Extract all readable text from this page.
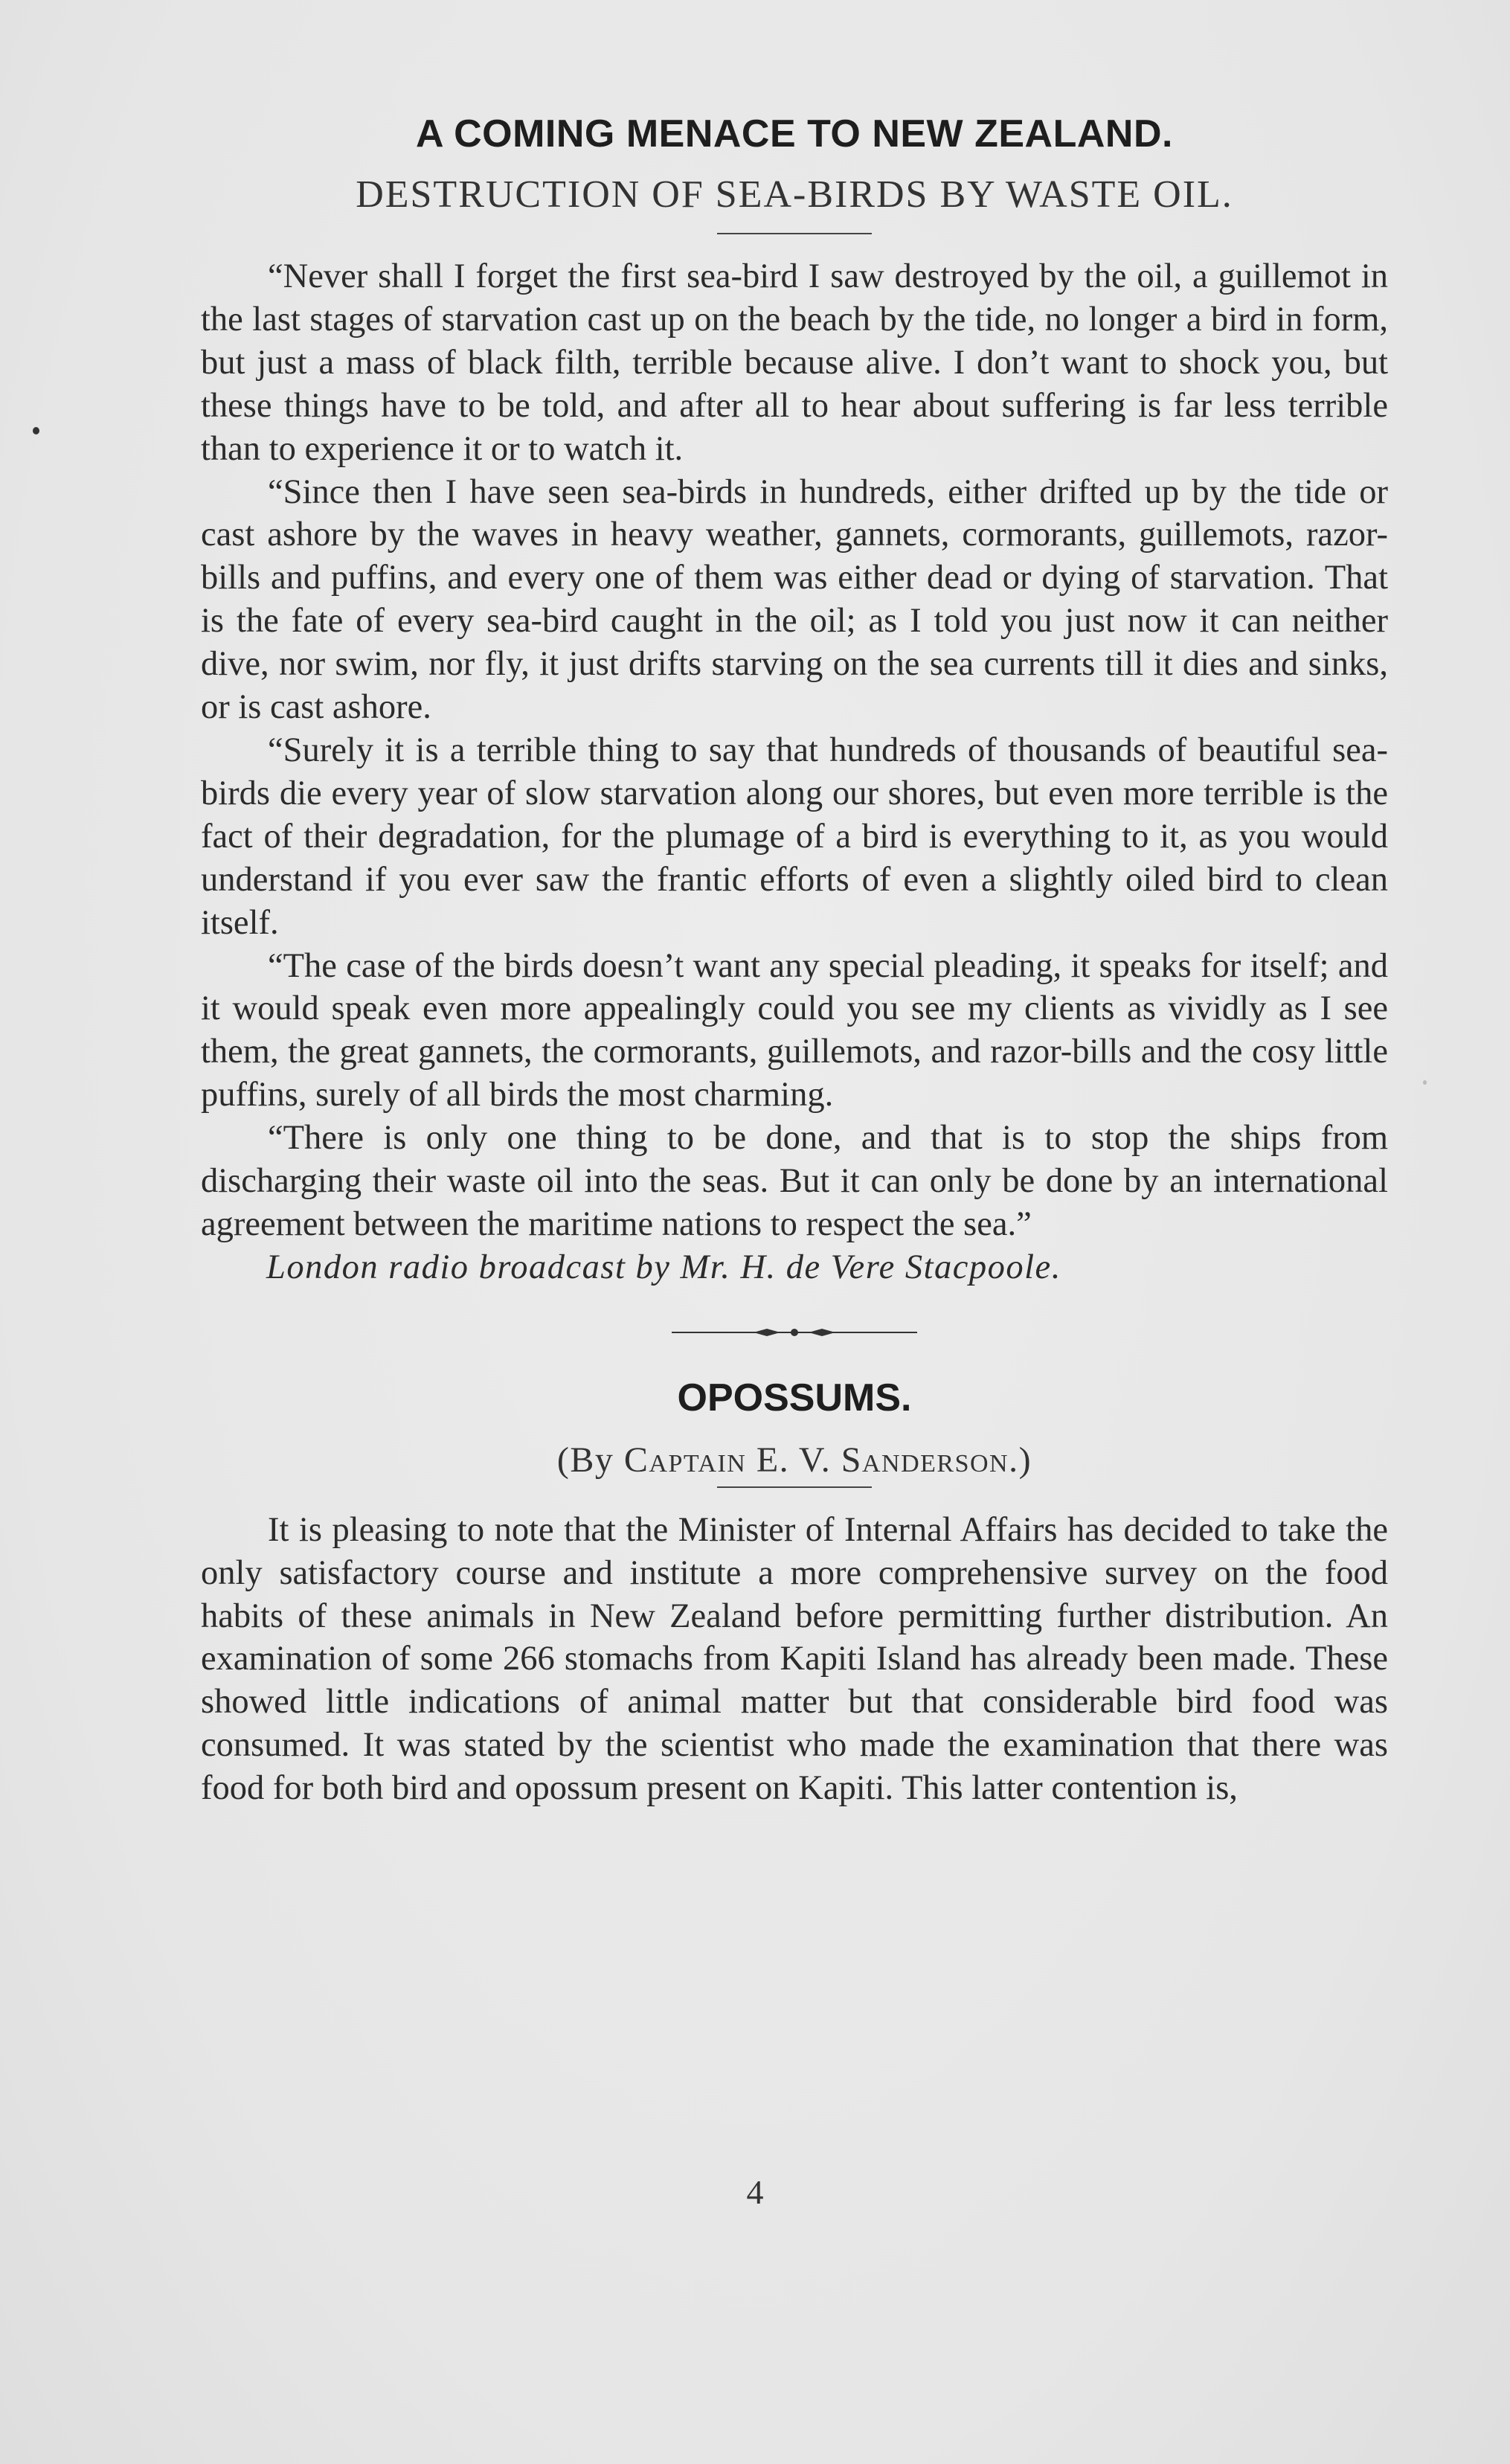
A COMING MENACE TO NEW ZEALAND.
DESTRUCTION OF SEA-BIRDS BY WASTE OIL.

“Never shall I forget the first sea-bird I saw destroyed by the oil, a guillemot in the last stages of starvation cast up on the beach by the tide, no longer a bird in form, but just a mass of black filth, terrible because alive. I don’t want to shock you, but these things have to be told, and after all to hear about suffering is far less terrible than to experience it or to watch it.

“Since then I have seen sea-birds in hundreds, either drifted up by the tide or cast ashore by the waves in heavy weather, gannets, cormorants, guillemots, razor-bills and puffins, and every one of them was either dead or dying of starvation. That is the fate of every sea-bird caught in the oil; as I told you just now it can neither dive, nor swim, nor fly, it just drifts starving on the sea currents till it dies and sinks, or is cast ashore.

“Surely it is a terrible thing to say that hundreds of thousands of beautiful sea-birds die every year of slow starvation along our shores, but even more terrible is the fact of their degradation, for the plumage of a bird is everything to it, as you would understand if you ever saw the frantic efforts of even a slightly oiled bird to clean itself.

“The case of the birds doesn’t want any special pleading, it speaks for itself; and it would speak even more appealingly could you see my clients as vividly as I see them, the great gannets, the cormorants, guillemots, and razor-bills and the cosy little puffins, surely of all birds the most charming.

“There is only one thing to be done, and that is to stop the ships from discharging their waste oil into the seas. But it can only be done by an international agreement between the maritime nations to respect the sea.”

London radio broadcast by Mr. H. de Vere Stacpoole.

OPOSSUMS.
(By Captain E. V. Sanderson.)

It is pleasing to note that the Minister of Internal Affairs has decided to take the only satisfactory course and institute a more comprehensive survey on the food habits of these animals in New Zealand before permitting further distribution. An examination of some 266 stomachs from Kapiti Island has already been made. These showed little indications of animal matter but that considerable bird food was consumed. It was stated by the scientist who made the examination that there was food for both bird and opossum present on Kapiti. This latter contention is,

4
